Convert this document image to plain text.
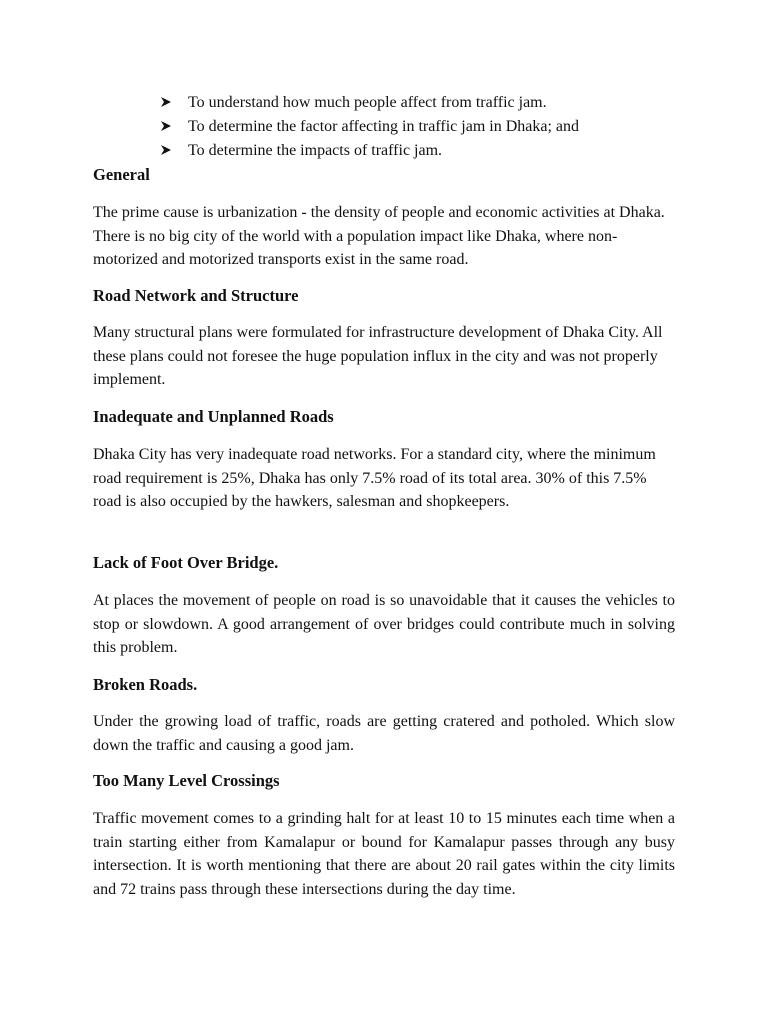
To understand how much people affect from traffic jam.
To determine the factor affecting in traffic jam in Dhaka; and
To determine the impacts of traffic jam.
General

The prime cause is urbanization - the density of people and economic activities at Dhaka. There is no big city of the world with a population impact like Dhaka, where non-motorized and motorized transports exist in the same road.

Road Network and Structure

Many structural plans were formulated for infrastructure development of Dhaka City. All these plans could not foresee the huge population influx in the city and was not properly implement.

Inadequate and Unplanned Roads

Dhaka City has very inadequate road networks. For a standard city, where the minimum road requirement is 25%, Dhaka has only 7.5% road of its total area. 30% of this 7.5% road is also occupied by the hawkers, salesman and shopkeepers.

Lack of Foot Over Bridge.

At places the movement of people on road is so unavoidable that it causes the vehicles to stop or slowdown. A good arrangement of over bridges could contribute much in solving this problem.

Broken Roads.

Under the growing load of traffic, roads are getting cratered and potholed. Which slow down the traffic and causing a good jam.

Too Many Level Crossings

Traffic movement comes to a grinding halt for at least 10 to 15 minutes each time when a train starting either from Kamalapur or bound for Kamalapur passes through any busy intersection. It is worth mentioning that there are about 20 rail gates within the city limits and 72 trains pass through these intersections during the day time.
